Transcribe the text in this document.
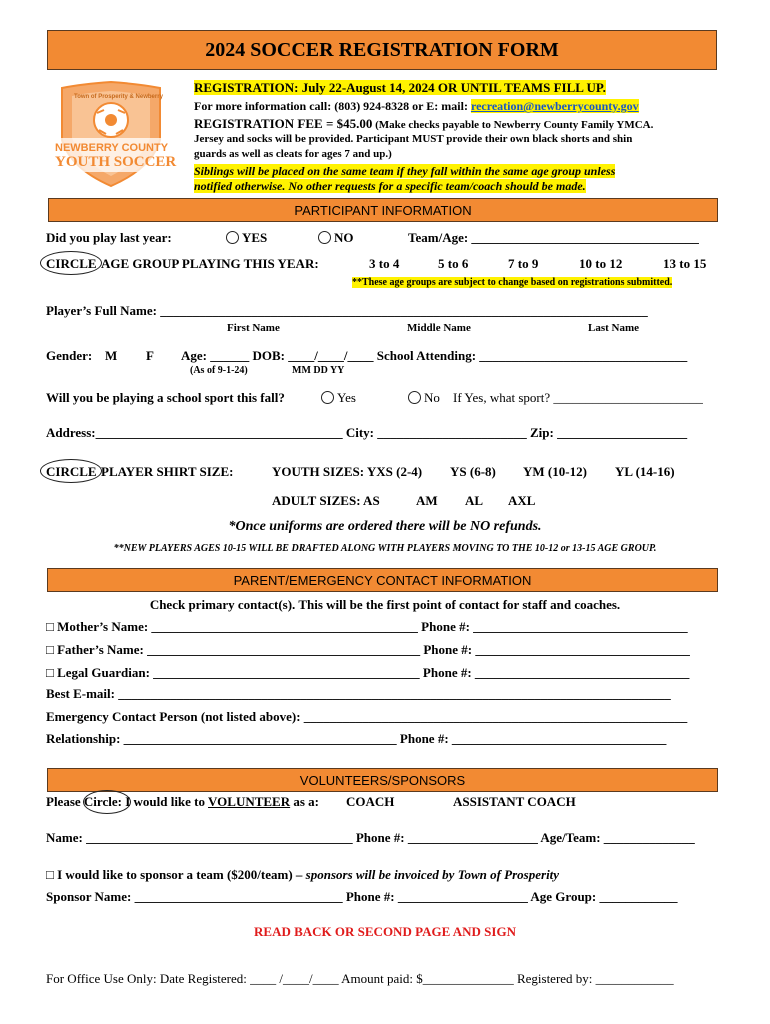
2024 SOCCER REGISTRATION FORM
Town of Prosperity & Newberry
NEWBERRY COUNTY
YOUTH SOCCER
REGISTRATION: July 22-August 14, 2024 OR UNTIL TEAMS FILL UP.
For more information call: (803) 924-8328 or E: mail: recreation@newberrycounty.gov
REGISTRATION FEE = $45.00 (Make checks payable to Newberry County Family YMCA.
Jersey and socks will be provided. Participant MUST provide their own black shorts and shin
guards as well as cleats for ages 7 and up.)
Siblings will be placed on the same team if they fall within the same age group unless
notified otherwise. No other requests for a specific team/coach should be made.
PARTICIPANT INFORMATION
Did you play last year:	YES	NO	Team/Age: ___________________________________
CIRCLE AGE GROUP PLAYING THIS YEAR:	3 to 4	5 to 6	7 to 9	10 to 12	13 to 15
**These age groups are subject to change based on registrations submitted.
Player’s Full Name: ___________________________________________________________________________
First Name	Middle Name	Last Name
Gender: M F Age: ______ DOB: ____/____/____ School Attending: ________________________________
(As of 9-1-24)	MM DD YY
Will you be playing a school sport this fall?	Yes	No If Yes, what sport? _______________________
Address:______________________________________ City: _______________________ Zip: ____________________
CIRCLE PLAYER SHIRT SIZE:	YOUTH SIZES: YXS (2-4) YS (6-8) YM (10-12) YL (14-16)
ADULT SIZES: AS	AM AL AXL
*Once uniforms are ordered there will be NO refunds.
**NEW PLAYERS AGES 10-15 WILL BE DRAFTED ALONG WITH PLAYERS MOVING TO THE 10-12 or 13-15 AGE GROUP.
PARENT/EMERGENCY CONTACT INFORMATION
Check primary contact(s). This will be the first point of contact for staff and coaches.
□ Mother’s Name: _________________________________________ Phone #: _________________________________
□ Father’s Name: __________________________________________ Phone #: _________________________________
□ Legal Guardian: _________________________________________ Phone #: _________________________________
Best E-mail: _____________________________________________________________________________________
Emergency Contact Person (not listed above): ___________________________________________________________
Relationship: __________________________________________ Phone #: _________________________________
VOLUNTEERS/SPONSORS
Please Circle: I would like to VOLUNTEER as a: COACH	ASSISTANT COACH
Name: _________________________________________ Phone #: ____________________ Age/Team: ______________
□ I would like to sponsor a team ($200/team) – sponsors will be invoiced by Town of Prosperity
Sponsor Name: ________________________________ Phone #: ____________________ Age Group: ____________
READ BACK OR SECOND PAGE AND SIGN
For Office Use Only: Date Registered: ____ /____/____ Amount paid: $______________ Registered by: ____________
